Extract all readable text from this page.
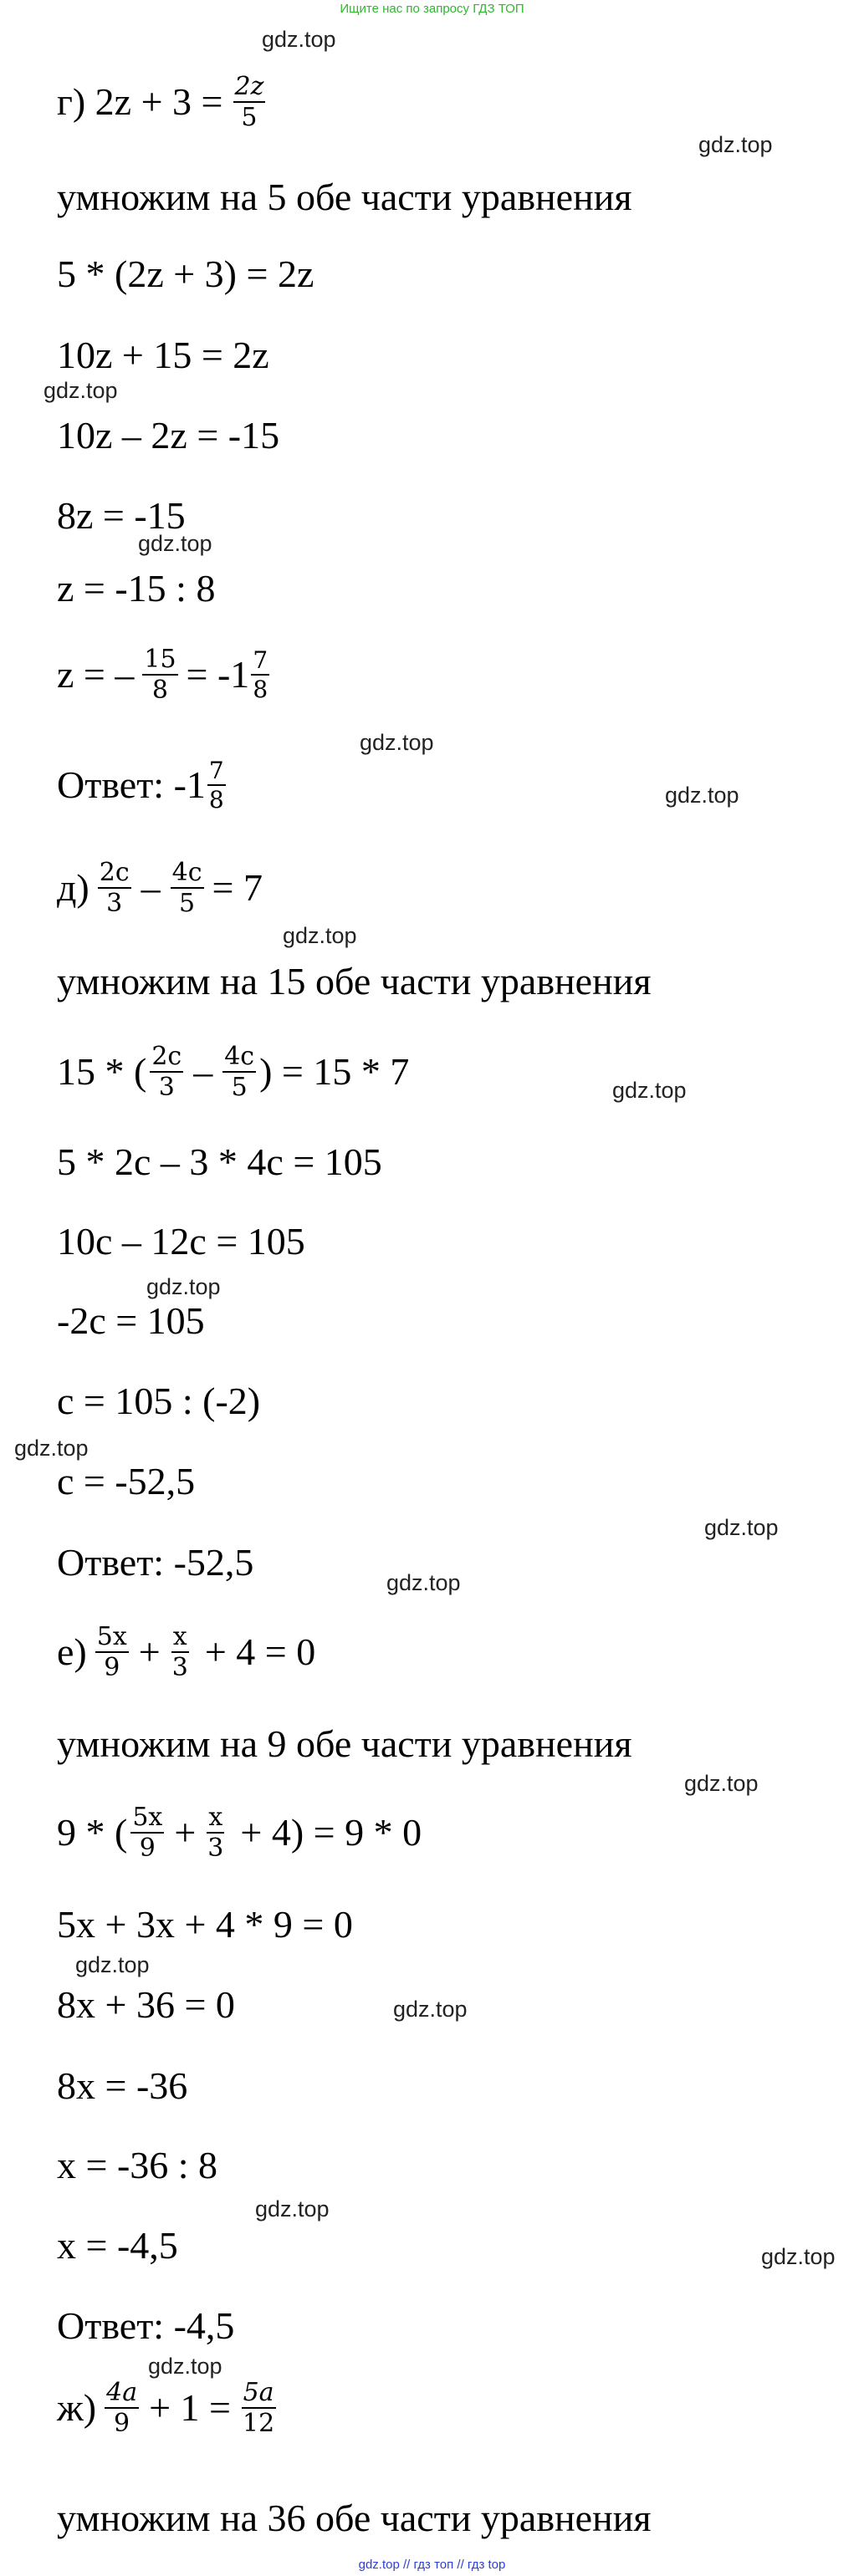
Ищите нас по запросу ГДЗ ТОП
г) $2z + 3 = \frac{2z}{5}$
умножим на 5 обе части уравнения
5 * (2z + 3) = 2z
10z + 15 = 2z
10z – 2z = -15
8z = -15
z = -15 : 8
z = – $\frac{15}{8} = -1 \frac{7}{8}$
Ответ: $-1 \frac{7}{8}$
$д) \frac{2c}{3} - \frac{4c}{5} = 7$
умножим на 15 обе части уравнения
15 * ( $\frac{2c}{3} - \frac{4c}{5}$ ) = 15 * 7
5 * 2c – 3 * 4c = 105
10c – 12c = 105
-2c = 105
c = 105 : (-2)
c = -52,5
Ответ: -52,5
$е) \frac{5x}{9} + \frac{x}{3} + 4 = 0$
умножим на 9 обе части уравнения
9 * ( $\frac{5x}{9} + \frac{x}{3} + 4) = 9 * 0$
5x + 3x + 4 * 9 = 0
8x + 36 = 0
8x = -36
x = -36 : 8
x = -4,5
Ответ: -4,5
$ж) \frac{4a}{9} + 1 = \frac{5a}{12}$
умножим на 36 обе части уравнения
gdz.top
gdz.top
gdz.top
gdz.top
gdz.top
gdz.top
gdz.top
gdz.top
gdz.top
gdz.top
gdz.top
gdz.top
gdz.top
gdz.top
gdz.top
gdz.top
gdz.top
gdz.top
gdz.top // гдз топ // гдз top
